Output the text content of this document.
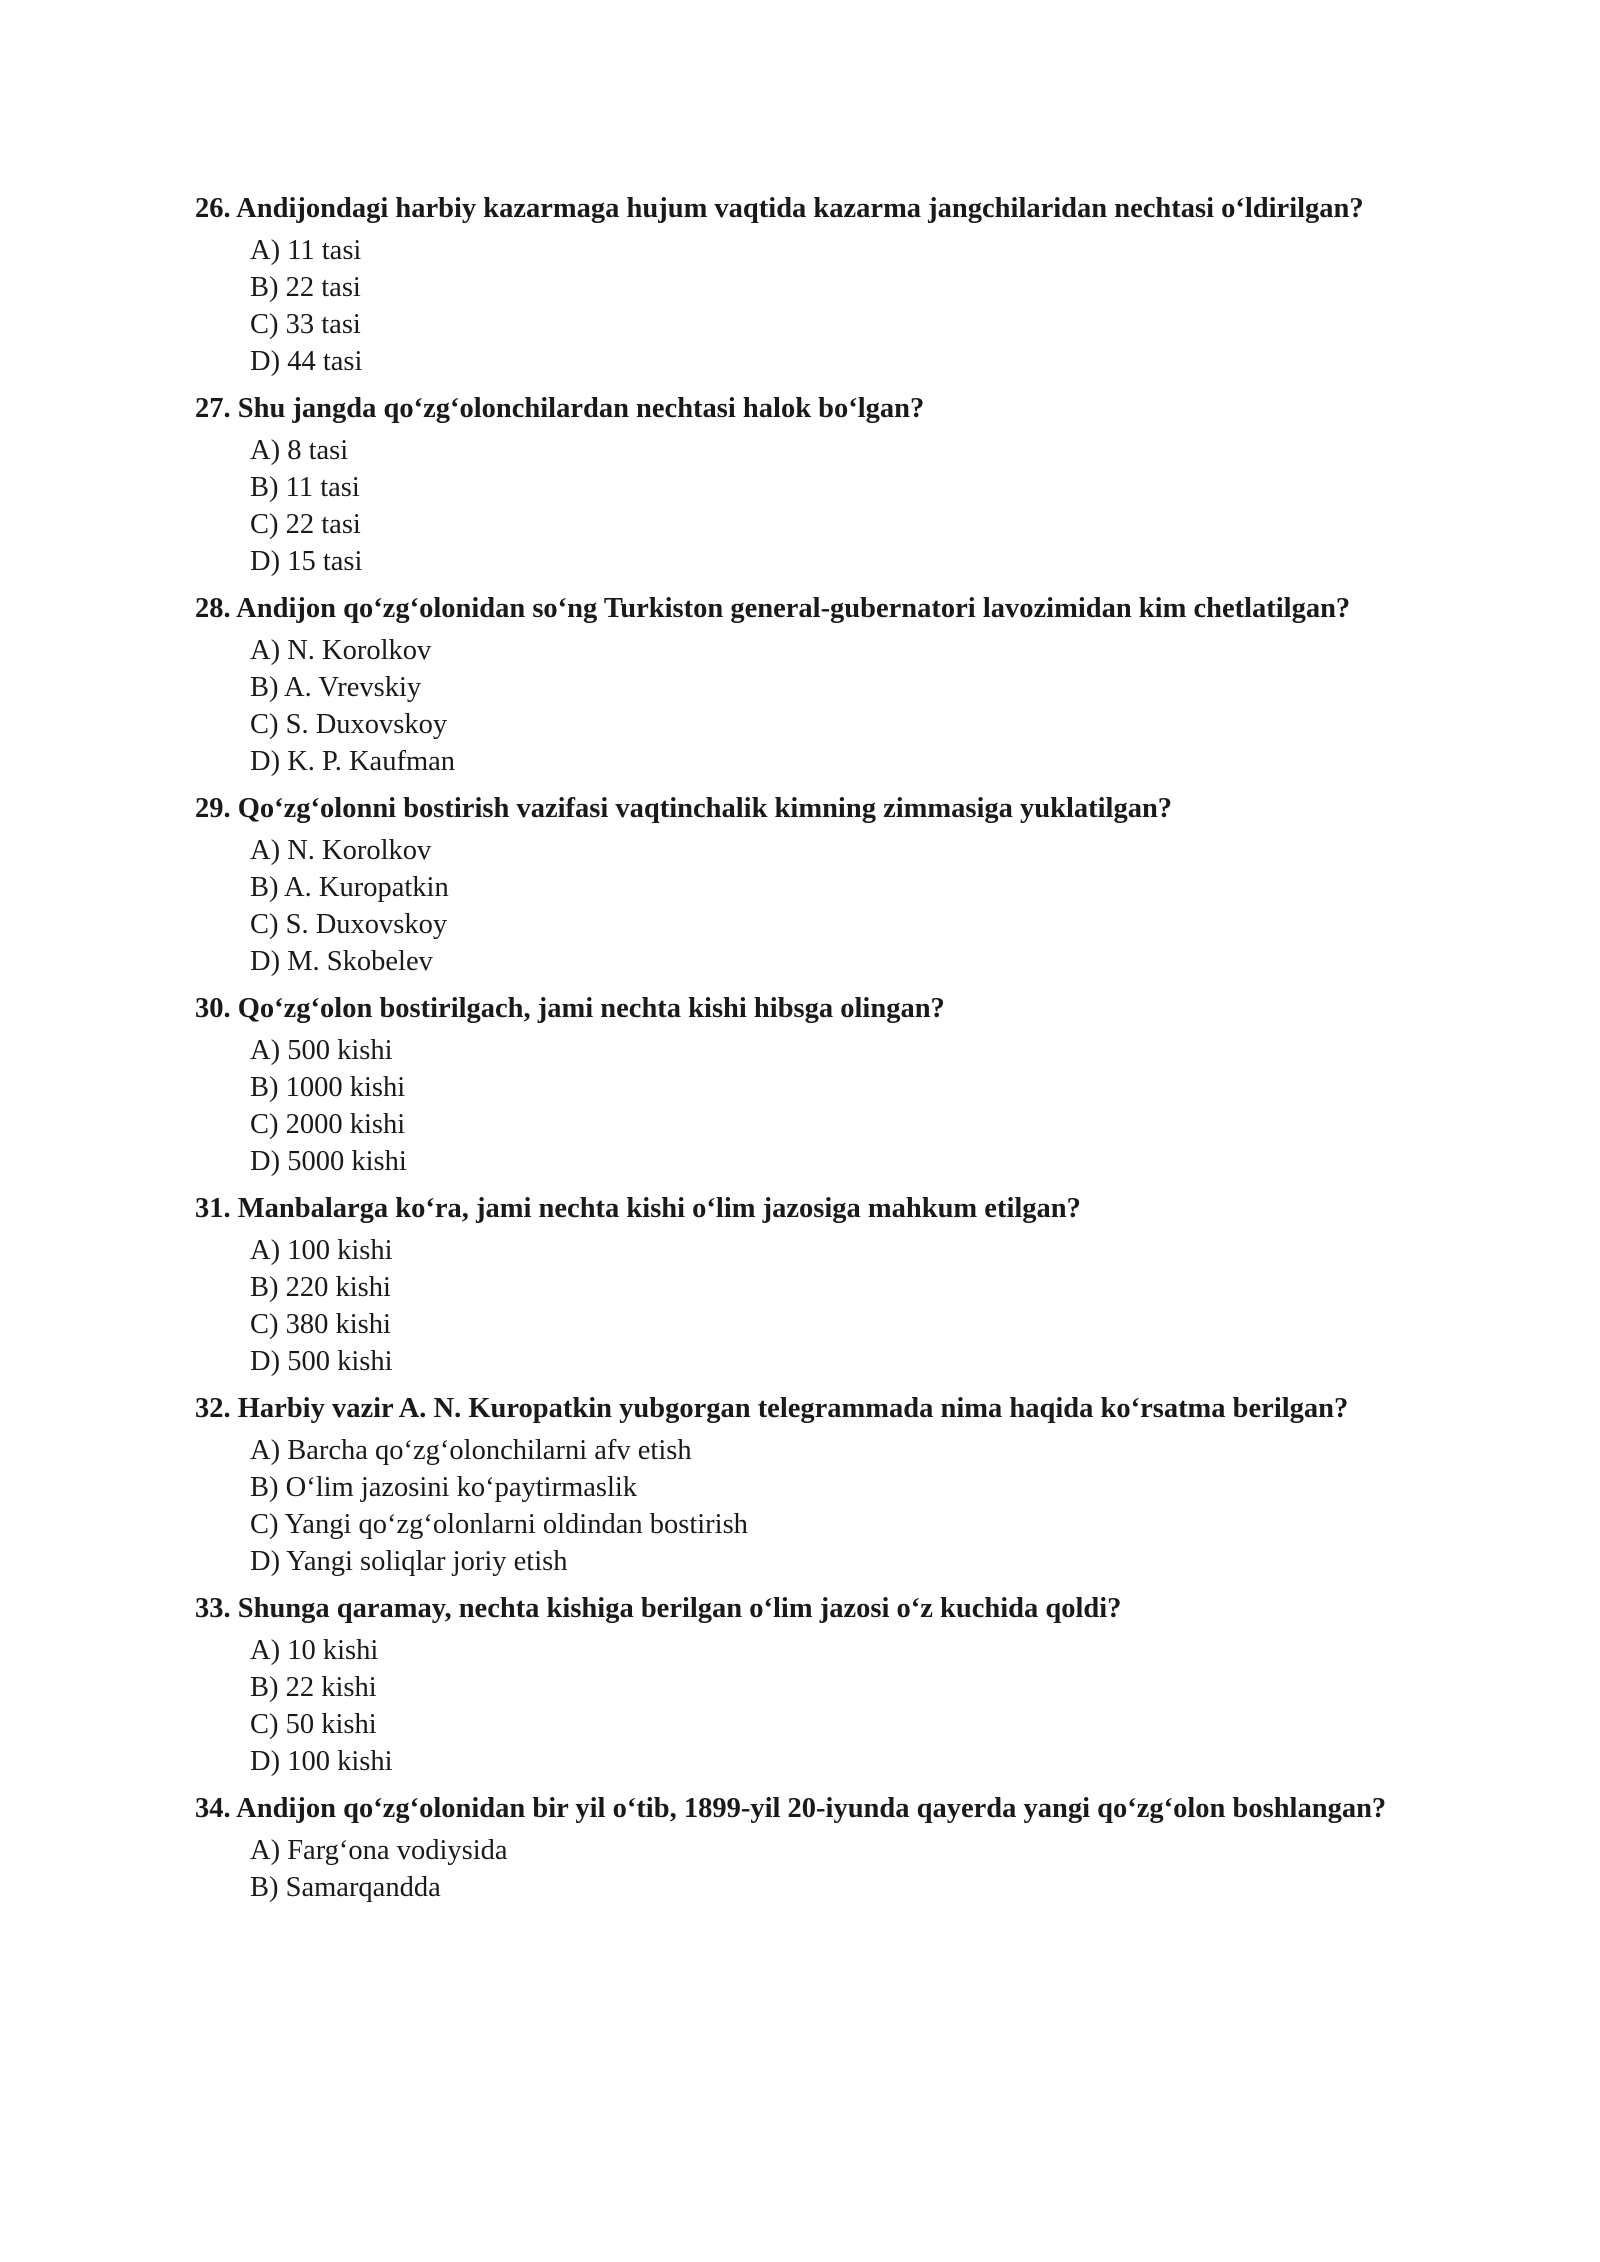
26. Andijondagi harbiy kazarmaga hujum vaqtida kazarma jangchilaridan nechtasi o‘ldirilgan?

A) 11 tasi
B) 22 tasi
C) 33 tasi
D) 44 tasi

27. Shu jangda qo‘zg‘olonchilardan nechtasi halok bo‘lgan?

A) 8 tasi
B) 11 tasi
C) 22 tasi
D) 15 tasi

28. Andijon qo‘zg‘olonidan so‘ng Turkiston general-gubernatori lavozimidan kim chetlatilgan?

A) N. Korolkov
B) A. Vrevskiy
C) S. Duxovskoy
D) K. P. Kaufman

29. Qo‘zg‘olonni bostirish vazifasi vaqtinchalik kimning zimmasiga yuklatilgan?

A) N. Korolkov
B) A. Kuropatkin
C) S. Duxovskoy
D) M. Skobelev

30. Qo‘zg‘olon bostirilgach, jami nechta kishi hibsga olingan?

A) 500 kishi
B) 1000 kishi
C) 2000 kishi
D) 5000 kishi

31. Manbalarga ko‘ra, jami nechta kishi o‘lim jazosiga mahkum etilgan?

A) 100 kishi
B) 220 kishi
C) 380 kishi
D) 500 kishi

32. Harbiy vazir A. N. Kuropatkin yubgorgan telegrammada nima haqida ko‘rsatma berilgan?

A) Barcha qo‘zg‘olonchilarni afv etish
B) O‘lim jazosini ko‘paytirmaslik
C) Yangi qo‘zg‘olonlarni oldindan bostirish
D) Yangi soliqlar joriy etish

33. Shunga qaramay, nechta kishiga berilgan o‘lim jazosi o‘z kuchida qoldi?

A) 10 kishi
B) 22 kishi
C) 50 kishi
D) 100 kishi

34. Andijon qo‘zg‘olonidan bir yil o‘tib, 1899-yil 20-iyunda qayerda yangi qo‘zg‘olon boshlangan?

A) Farg‘ona vodiysida
B) Samarqandda
